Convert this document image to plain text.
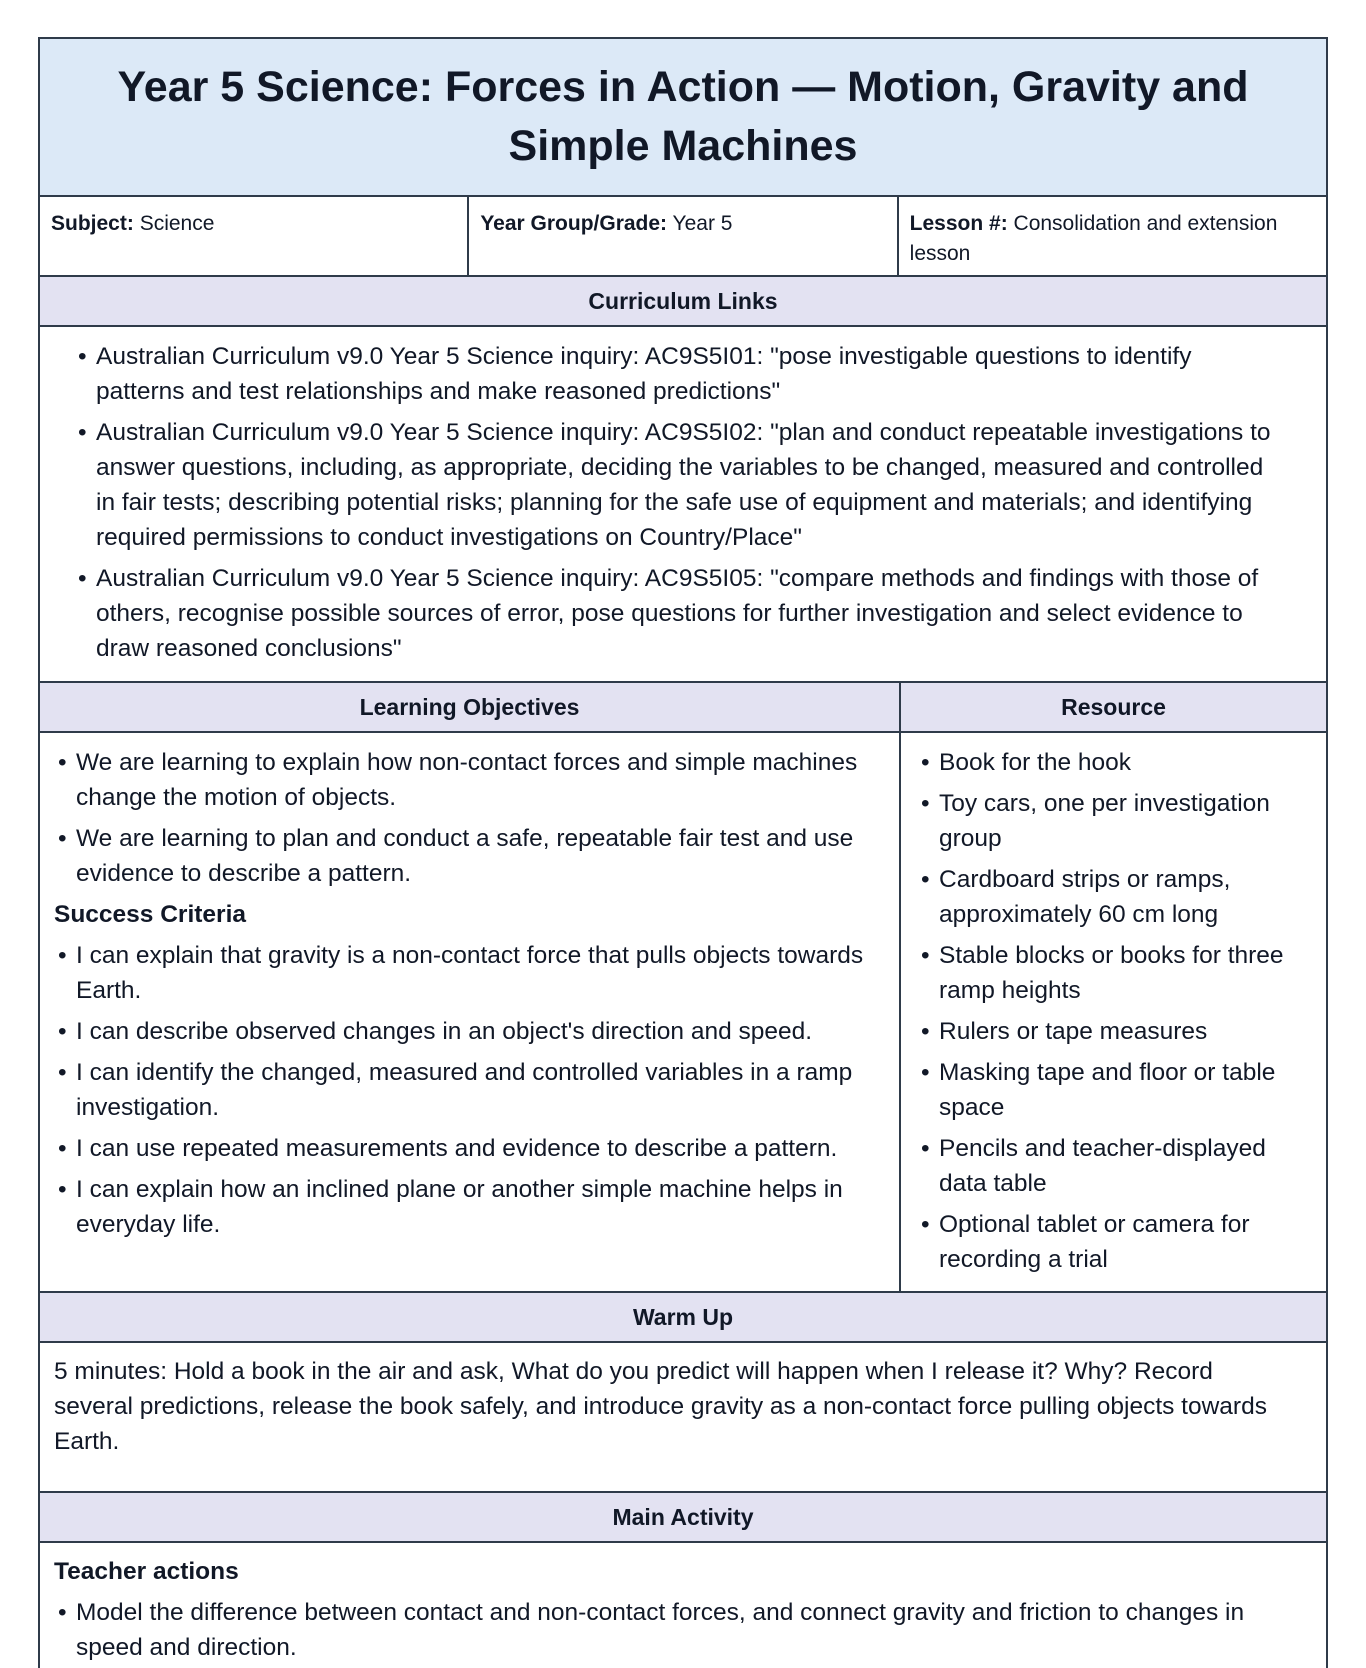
Year 5 Science: Forces in Action — Motion, Gravity and Simple Machines
Subject: Science	Year Group/Grade: Year 5	Lesson #: Consolidation and extension lesson
Curriculum Links
• Australian Curriculum v9.0 Year 5 Science inquiry: AC9S5I01: "pose investigable questions to identify patterns and test relationships and make reasoned predictions"
• Australian Curriculum v9.0 Year 5 Science inquiry: AC9S5I02: "plan and conduct repeatable investigations to answer questions, including, as appropriate, deciding the variables to be changed, measured and controlled in fair tests; describing potential risks; planning for the safe use of equipment and materials; and identifying required permissions to conduct investigations on Country/Place"
• Australian Curriculum v9.0 Year 5 Science inquiry: AC9S5I05: "compare methods and findings with those of others, recognise possible sources of error, pose questions for further investigation and select evidence to draw reasoned conclusions"
Learning Objectives
• We are learning to explain how non-contact forces and simple machines change the motion of objects.
• We are learning to plan and conduct a safe, repeatable fair test and use evidence to describe a pattern.
Success Criteria
• I can explain that gravity is a non-contact force that pulls objects towards Earth.
• I can describe observed changes in an object's direction and speed.
• I can identify the changed, measured and controlled variables in a ramp investigation.
• I can use repeated measurements and evidence to describe a pattern.
• I can explain how an inclined plane or another simple machine helps in everyday life.
Resource
• Book for the hook
• Toy cars, one per investigation group
• Cardboard strips or ramps, approximately 60 cm long
• Stable blocks or books for three ramp heights
• Rulers or tape measures
• Masking tape and floor or table space
• Pencils and teacher-displayed data table
• Optional tablet or camera for recording a trial
Warm Up
5 minutes: Hold a book in the air and ask, What do you predict will happen when I release it? Why? Record several predictions, release the book safely, and introduce gravity as a non-contact force pulling objects towards Earth.
Main Activity
Teacher actions
• Model the difference between contact and non-contact forces, and connect gravity and friction to changes in speed and direction.
